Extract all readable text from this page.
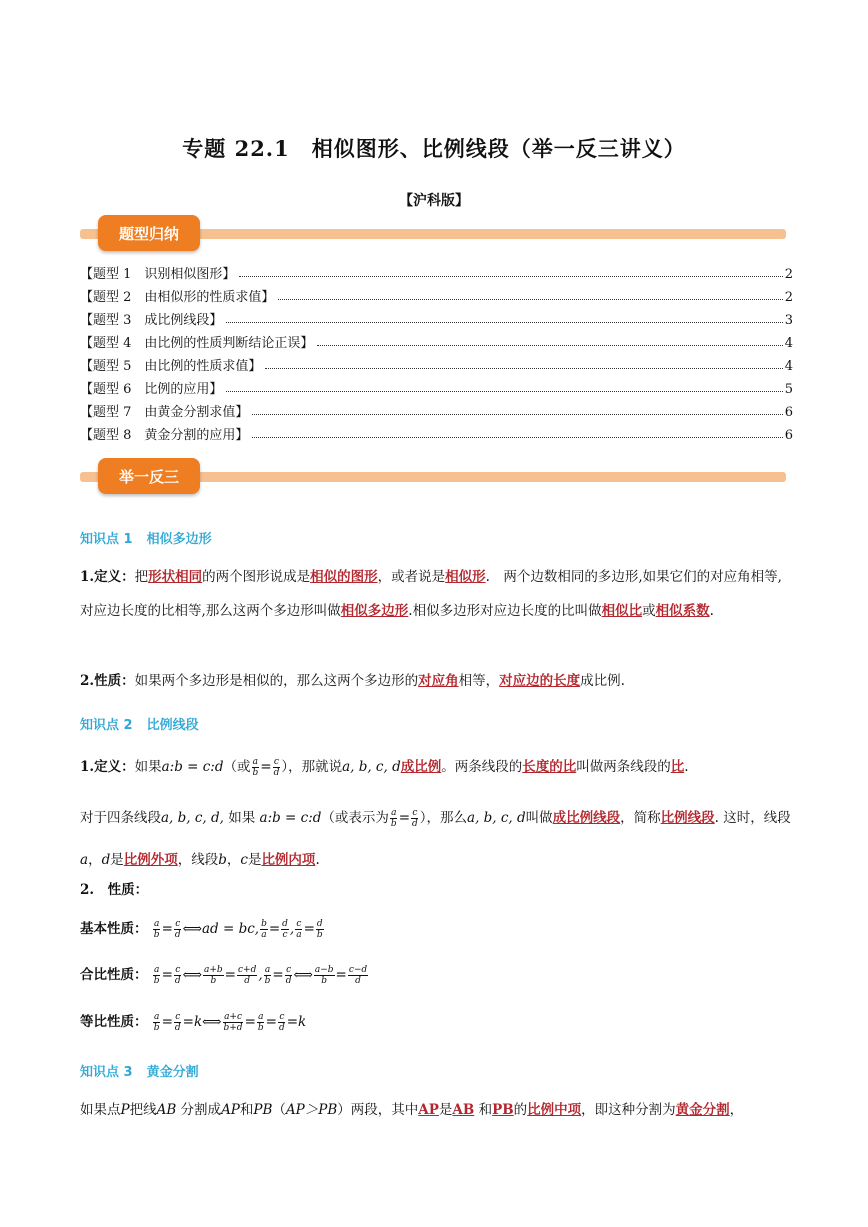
专题 22.1　相似图形、比例线段（举一反三讲义）
【沪科版】
题型归纳
【题型 1　识别相似图形】	2
【题型 2　由相似形的性质求值】	2
【题型 3　成比例线段】	3
【题型 4　由比例的性质判断结论正误】	4
【题型 5　由比例的性质求值】	4
【题型 6　比例的应用】	5
【题型 7　由黄金分割求值】	6
【题型 8　黄金分割的应用】	6
举一反三
知识点 1 相似多边形
1.定义：把形状相同的两个图形说成是相似的图形，或者说是相似形.　两个边数相同的多边形,如果它们的对应角相等,对应边长度的比相等,那么这两个多边形叫做相似多边形.相似多边形对应边长度的比叫做相似比或相似系数.
2.性质：如果两个多边形是相似的，那么这两个多边形的对应角相等，对应边的长度成比例.
知识点 2 比例线段
1.定义：如果a:b = c:d（或 $\frac{a}{b} = \frac{c}{d}$ ），那就说a, b, c, d成比例。两条线段的长度的比叫做两条线段的比.
对于四条线段a, b, c, d, 如果 a:b = c:d（或表示为 $\frac{a}{b} = \frac{c}{d}$ ），那么a, b, c, d叫做成比例线段，简称比例线段. 这时，线段a，d是比例外项，线段b，c是比例内项.
2.　性质：
基本性质： $\frac{a}{b} = \frac{c}{d}$ ⟺ad = bc, $\frac{b}{a} = \frac{d}{c}$ , $\frac{c}{a} = \frac{d}{b}$
合比性质： $\frac{a}{b} = \frac{c}{d}$ ⟺ $\frac{a+b}{b} = \frac{c+d}{d}$ , $\frac{a}{b} = \frac{c}{d}$ ⟺ $\frac{a-b}{b} = \frac{c-d}{d}$
等比性质： $\frac{a}{b} = \frac{c}{d}$ =k⟺ $\frac{a+c}{b+d} = \frac{a}{b} = \frac{c}{d} =k$
知识点 3 黄金分割
如果点P把线AB 分割成AP和PB（AP＞PB）两段，其中AP是AB 和PB的比例中项，即这种分割为黄金分割，
